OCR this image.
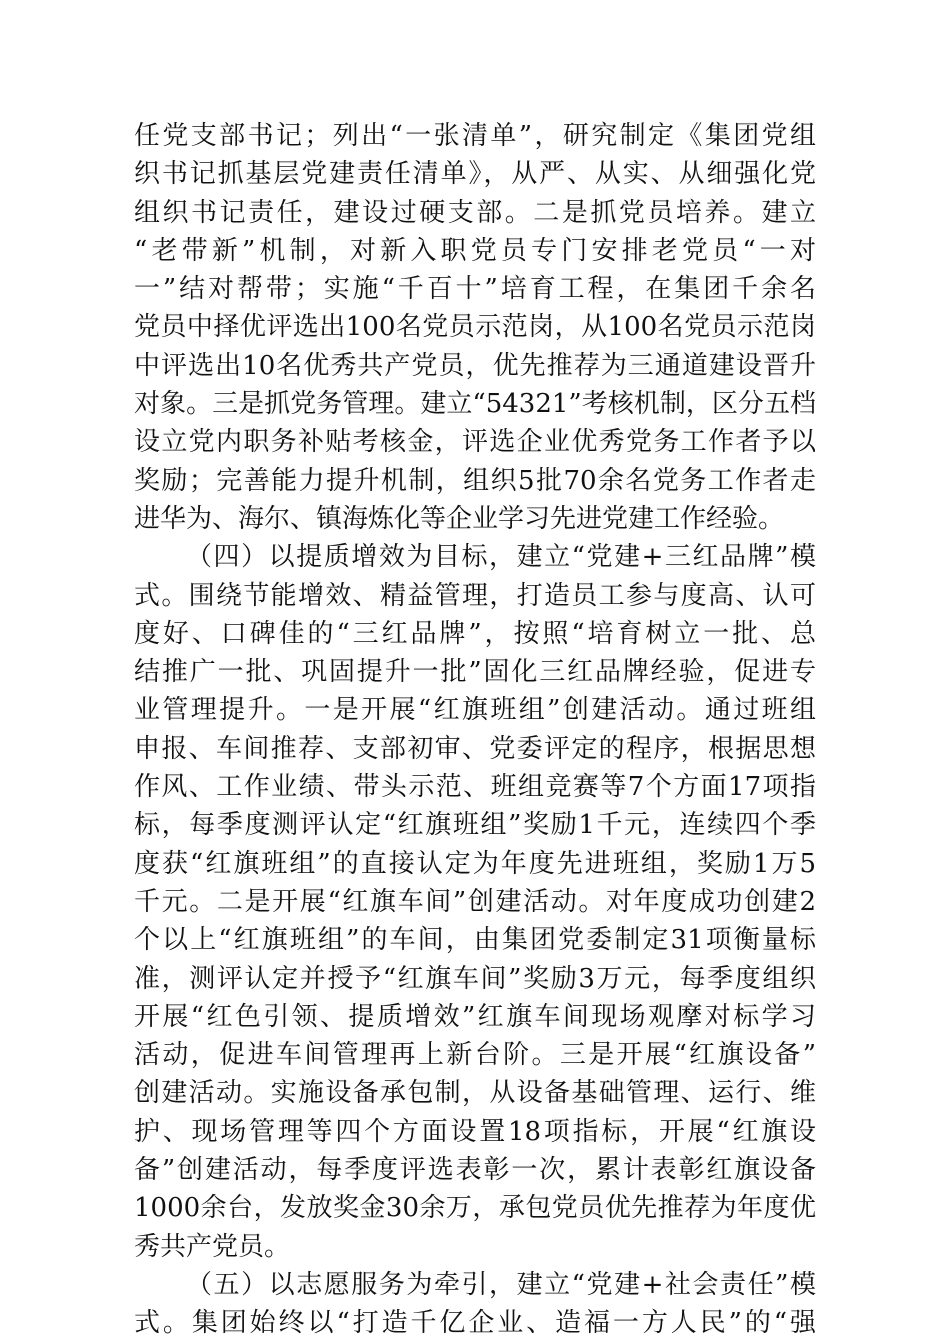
任党支部书记；列出“一张清单”，研究制定《集团党组
织书记抓基层党建责任清单》，从严、从实、从细强化党
组织书记责任，建设过硬支部。二是抓党员培养。建立
“老带新”机制，对新入职党员专门安排老党员“一对
一”结对帮带；实施“千百十”培育工程，在集团千余名
党员中择优评选出100名党员示范岗，从100名党员示范岗
中评选出10名优秀共产党员，优先推荐为三通道建设晋升
对象。三是抓党务管理。建立“54321”考核机制，区分五档
设立党内职务补贴考核金，评选企业优秀党务工作者予以
奖励；完善能力提升机制，组织5批70余名党务工作者走
进华为、海尔、镇海炼化等企业学习先进党建工作经验。
（四）以提质增效为目标，建立“党建+三红品牌”模
式。围绕节能增效、精益管理，打造员工参与度高、认可
度好、口碑佳的“三红品牌”，按照“培育树立一批、总
结推广一批、巩固提升一批”固化三红品牌经验，促进专
业管理提升。一是开展“红旗班组”创建活动。通过班组
申报、车间推荐、支部初审、党委评定的程序，根据思想
作风、工作业绩、带头示范、班组竞赛等7个方面17项指
标，每季度测评认定“红旗班组”奖励1千元，连续四个季
度获“红旗班组”的直接认定为年度先进班组，奖励1万5
千元。二是开展“红旗车间”创建活动。对年度成功创建2
个以上“红旗班组”的车间，由集团党委制定31项衡量标
准，测评认定并授予“红旗车间”奖励3万元，每季度组织
开展“红色引领、提质增效”红旗车间现场观摩对标学习
活动，促进车间管理再上新台阶。三是开展“红旗设备”
创建活动。实施设备承包制，从设备基础管理、运行、维
护、现场管理等四个方面设置18项指标，开展“红旗设
备”创建活动，每季度评选表彰一次，累计表彰红旗设备
1000余台，发放奖金30余万，承包党员优先推荐为年度优
秀共产党员。
（五）以志愿服务为牵引，建立“党建+社会责任”模
式。集团始终以“打造千亿企业、造福一方人民”的“强
